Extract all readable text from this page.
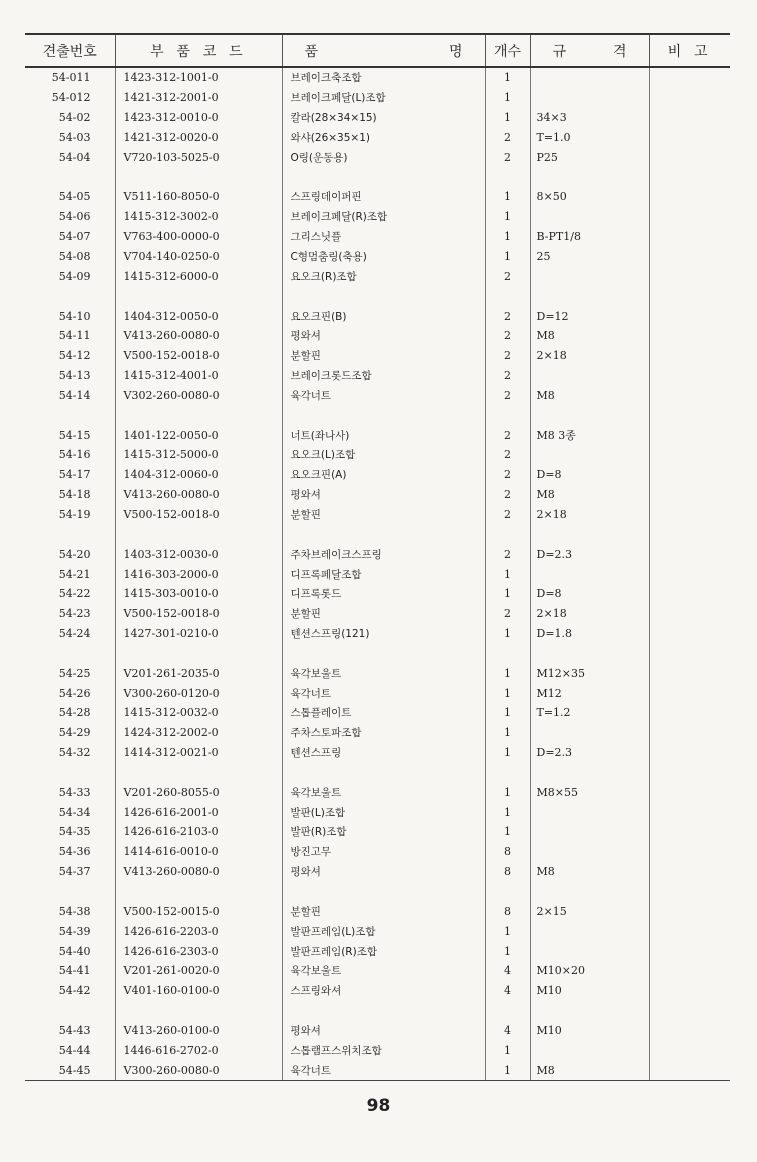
견출번호	부 품 코 드	품 명	개수	규 격	비 고
54-011	1423-312-1001-0	브레이크축조합	1		
54-012	1421-312-2001-0	브레이크페달(L)조합	1		
54-02	1423-312-0010-0	칼라(28×34×15)	1	34×3	
54-03	1421-312-0020-0	와샤(26×35×1)	2	T=1.0	
54-04	V720-103-5025-0	O링(운동용)	2	P25	

54-05	V511-160-8050-0	스프링데이퍼핀	1	8×50	
54-06	1415-312-3002-0	브레이크페달(R)조합	1		
54-07	V763-400-0000-0	그리스닛플	1	B-PT1/8	
54-08	V704-140-0250-0	C형멈춤링(축용)	1	25	
54-09	1415-312-6000-0	요오크(R)조합	2		

54-10	1404-312-0050-0	요오크핀(B)	2	D=12	
54-11	V413-260-0080-0	평와셔	2	M8	
54-12	V500-152-0018-0	분할핀	2	2×18	
54-13	1415-312-4001-0	브레이크롯드조합	2		
54-14	V302-260-0080-0	육각너트	2	M8	

54-15	1401-122-0050-0	너트(좌나사)	2	M8 3종	
54-16	1415-312-5000-0	요오크(L)조합	2		
54-17	1404-312-0060-0	요오크핀(A)	2	D=8	
54-18	V413-260-0080-0	평와셔	2	M8	
54-19	V500-152-0018-0	분할핀	2	2×18	

54-20	1403-312-0030-0	주차브레이크스프링	2	D=2.3	
54-21	1416-303-2000-0	디프록페달조합	1		
54-22	1415-303-0010-0	디프록롯드	1	D=8	
54-23	V500-152-0018-0	분할핀	2	2×18	
54-24	1427-301-0210-0	텐션스프링(121)	1	D=1.8	

54-25	V201-261-2035-0	육각보울트	1	M12×35	
54-26	V300-260-0120-0	육각너트	1	M12	
54-28	1415-312-0032-0	스톱플레이트	1	T=1.2	
54-29	1424-312-2002-0	주차스토파조합	1		
54-32	1414-312-0021-0	텐션스프링	1	D=2.3	

54-33	V201-260-8055-0	육각보울트	1	M8×55	
54-34	1426-616-2001-0	발판(L)조합	1		
54-35	1426-616-2103-0	발판(R)조합	1		
54-36	1414-616-0010-0	방진고무	8		
54-37	V413-260-0080-0	평와셔	8	M8	

54-38	V500-152-0015-0	분할핀	8	2×15	
54-39	1426-616-2203-0	발판프레임(L)조합	1		
54-40	1426-616-2303-0	발판프레임(R)조합	1		
54-41	V201-261-0020-0	육각보울트	4	M10×20	
54-42	V401-160-0100-0	스프링와셔	4	M10	

54-43	V413-260-0100-0	평와셔	4	M10	
54-44	1446-616-2702-0	스톱램프스위치조합	1		
54-45	V300-260-0080-0	육각너트	1	M8	
98
